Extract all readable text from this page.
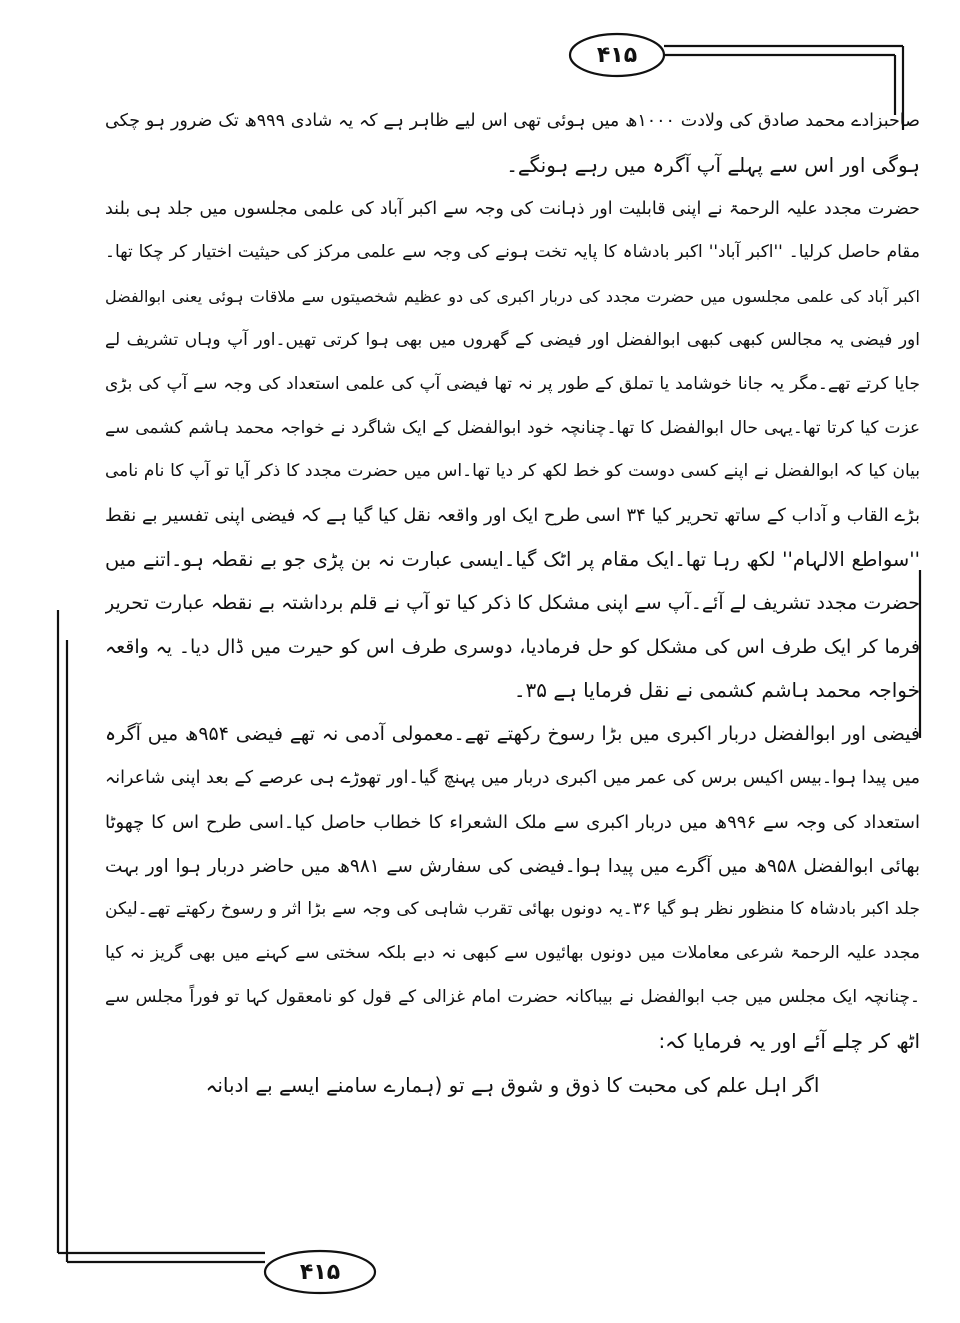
۴۱۵
۴۱۵
صاحبزادے محمد صادق کی ولادت ۱۰۰۰ھ میں ہوئی تھی اس لیے ظاہر ہے کہ یہ شادی ۹۹۹ھ تک ضرور ہو چکی
ہوگی اور اس سے پہلے آپ آگرہ میں رہے ہونگے۔
حضرت مجدد علیہ الرحمۃ نے اپنی قابلیت اور ذہانت کی وجہ سے اکبر آباد کی علمی مجلسوں میں جلد ہی بلند
مقام حاصل کرلیا۔ ''اکبر آباد'' اکبر بادشاہ کا پایہ تخت ہونے کی وجہ سے علمی مرکز کی حیثیت اختیار کر چکا تھا۔
اکبر آباد کی علمی مجلسوں میں حضرت مجدد کی دربار اکبری کی دو عظیم شخصیتوں سے ملاقات ہوئی یعنی ابوالفضل
اور فیضی یہ مجالس کبھی کبھی ابوالفضل اور فیضی کے گھروں میں بھی ہوا کرتی تھیں۔اور آپ وہاں تشریف لے
جایا کرتے تھے۔مگر یہ جانا خوشامد یا تملق کے طور پر نہ تھا فیضی آپ کی علمی استعداد کی وجہ سے آپ کی بڑی
عزت کیا کرتا تھا۔یہی حال ابوالفضل کا تھا۔چنانچہ خود ابوالفضل کے ایک شاگرد نے خواجہ محمد ہاشم کشمی سے
بیان کیا کہ ابوالفضل نے اپنے کسی دوست کو خط لکھ کر دیا تھا۔اس میں حضرت مجدد کا ذکر آیا تو آپ کا نام نامی
بڑے القاب و آداب کے ساتھ تحریر کیا ۳۴ اسی طرح ایک اور واقعہ نقل کیا گیا ہے کہ فیضی اپنی تفسیر بے نقط
''سواطع الالہام'' لکھ رہا تھا۔ایک مقام پر اٹک گیا۔ایسی عبارت نہ بن پڑی جو بے نقطہ ہو۔اتنے میں
حضرت مجدد تشریف لے آئے۔آپ سے اپنی مشکل کا ذکر کیا تو آپ نے قلم برداشتہ بے نقطہ عبارت تحریر
فرما کر ایک طرف اس کی مشکل کو حل فرمادیا، دوسری طرف اس کو حیرت میں ڈال دیا۔ یہ واقعہ
خواجہ محمد ہاشم کشمی نے نقل فرمایا ہے ۳۵۔
فیضی اور ابوالفضل دربار اکبری میں بڑا رسوخ رکھتے تھے۔معمولی آدمی نہ تھے فیضی ۹۵۴ھ میں آگرہ
میں پیدا ہوا۔بیس اکیس برس کی عمر میں اکبری دربار میں پہنچ گیا۔اور تھوڑے ہی عرصے کے بعد اپنی شاعرانہ
استعداد کی وجہ سے ۹۹۶ھ میں دربار اکبری سے ملک الشعراء کا خطاب حاصل کیا۔اسی طرح اس کا چھوٹا
بھائی ابوالفضل ۹۵۸ھ میں آگرے میں پیدا ہوا۔فیضی کی سفارش سے ۹۸۱ھ میں حاضر دربار ہوا اور بہت
جلد اکبر بادشاہ کا منظور نظر ہو گیا ۳۶۔یہ دونوں بھائی تقرب شاہی کی وجہ سے بڑا اثر و رسوخ رکھتے تھے۔لیکن
مجدد علیہ الرحمۃ شرعی معاملات میں دونوں بھائیوں سے کبھی نہ دبے بلکہ سختی سے کہنے میں بھی گریز نہ کیا
۔چنانچہ ایک مجلس میں جب ابوالفضل نے بیباکانہ حضرت امام غزالی کے قول کو نامعقول کہا تو فوراً مجلس سے
اٹھ کر چلے آئے اور یہ فرمایا کہ:
اگر اہل علم کی محبت کا ذوق و شوق ہے تو (ہمارے سامنے ایسے بے ادبانہ
